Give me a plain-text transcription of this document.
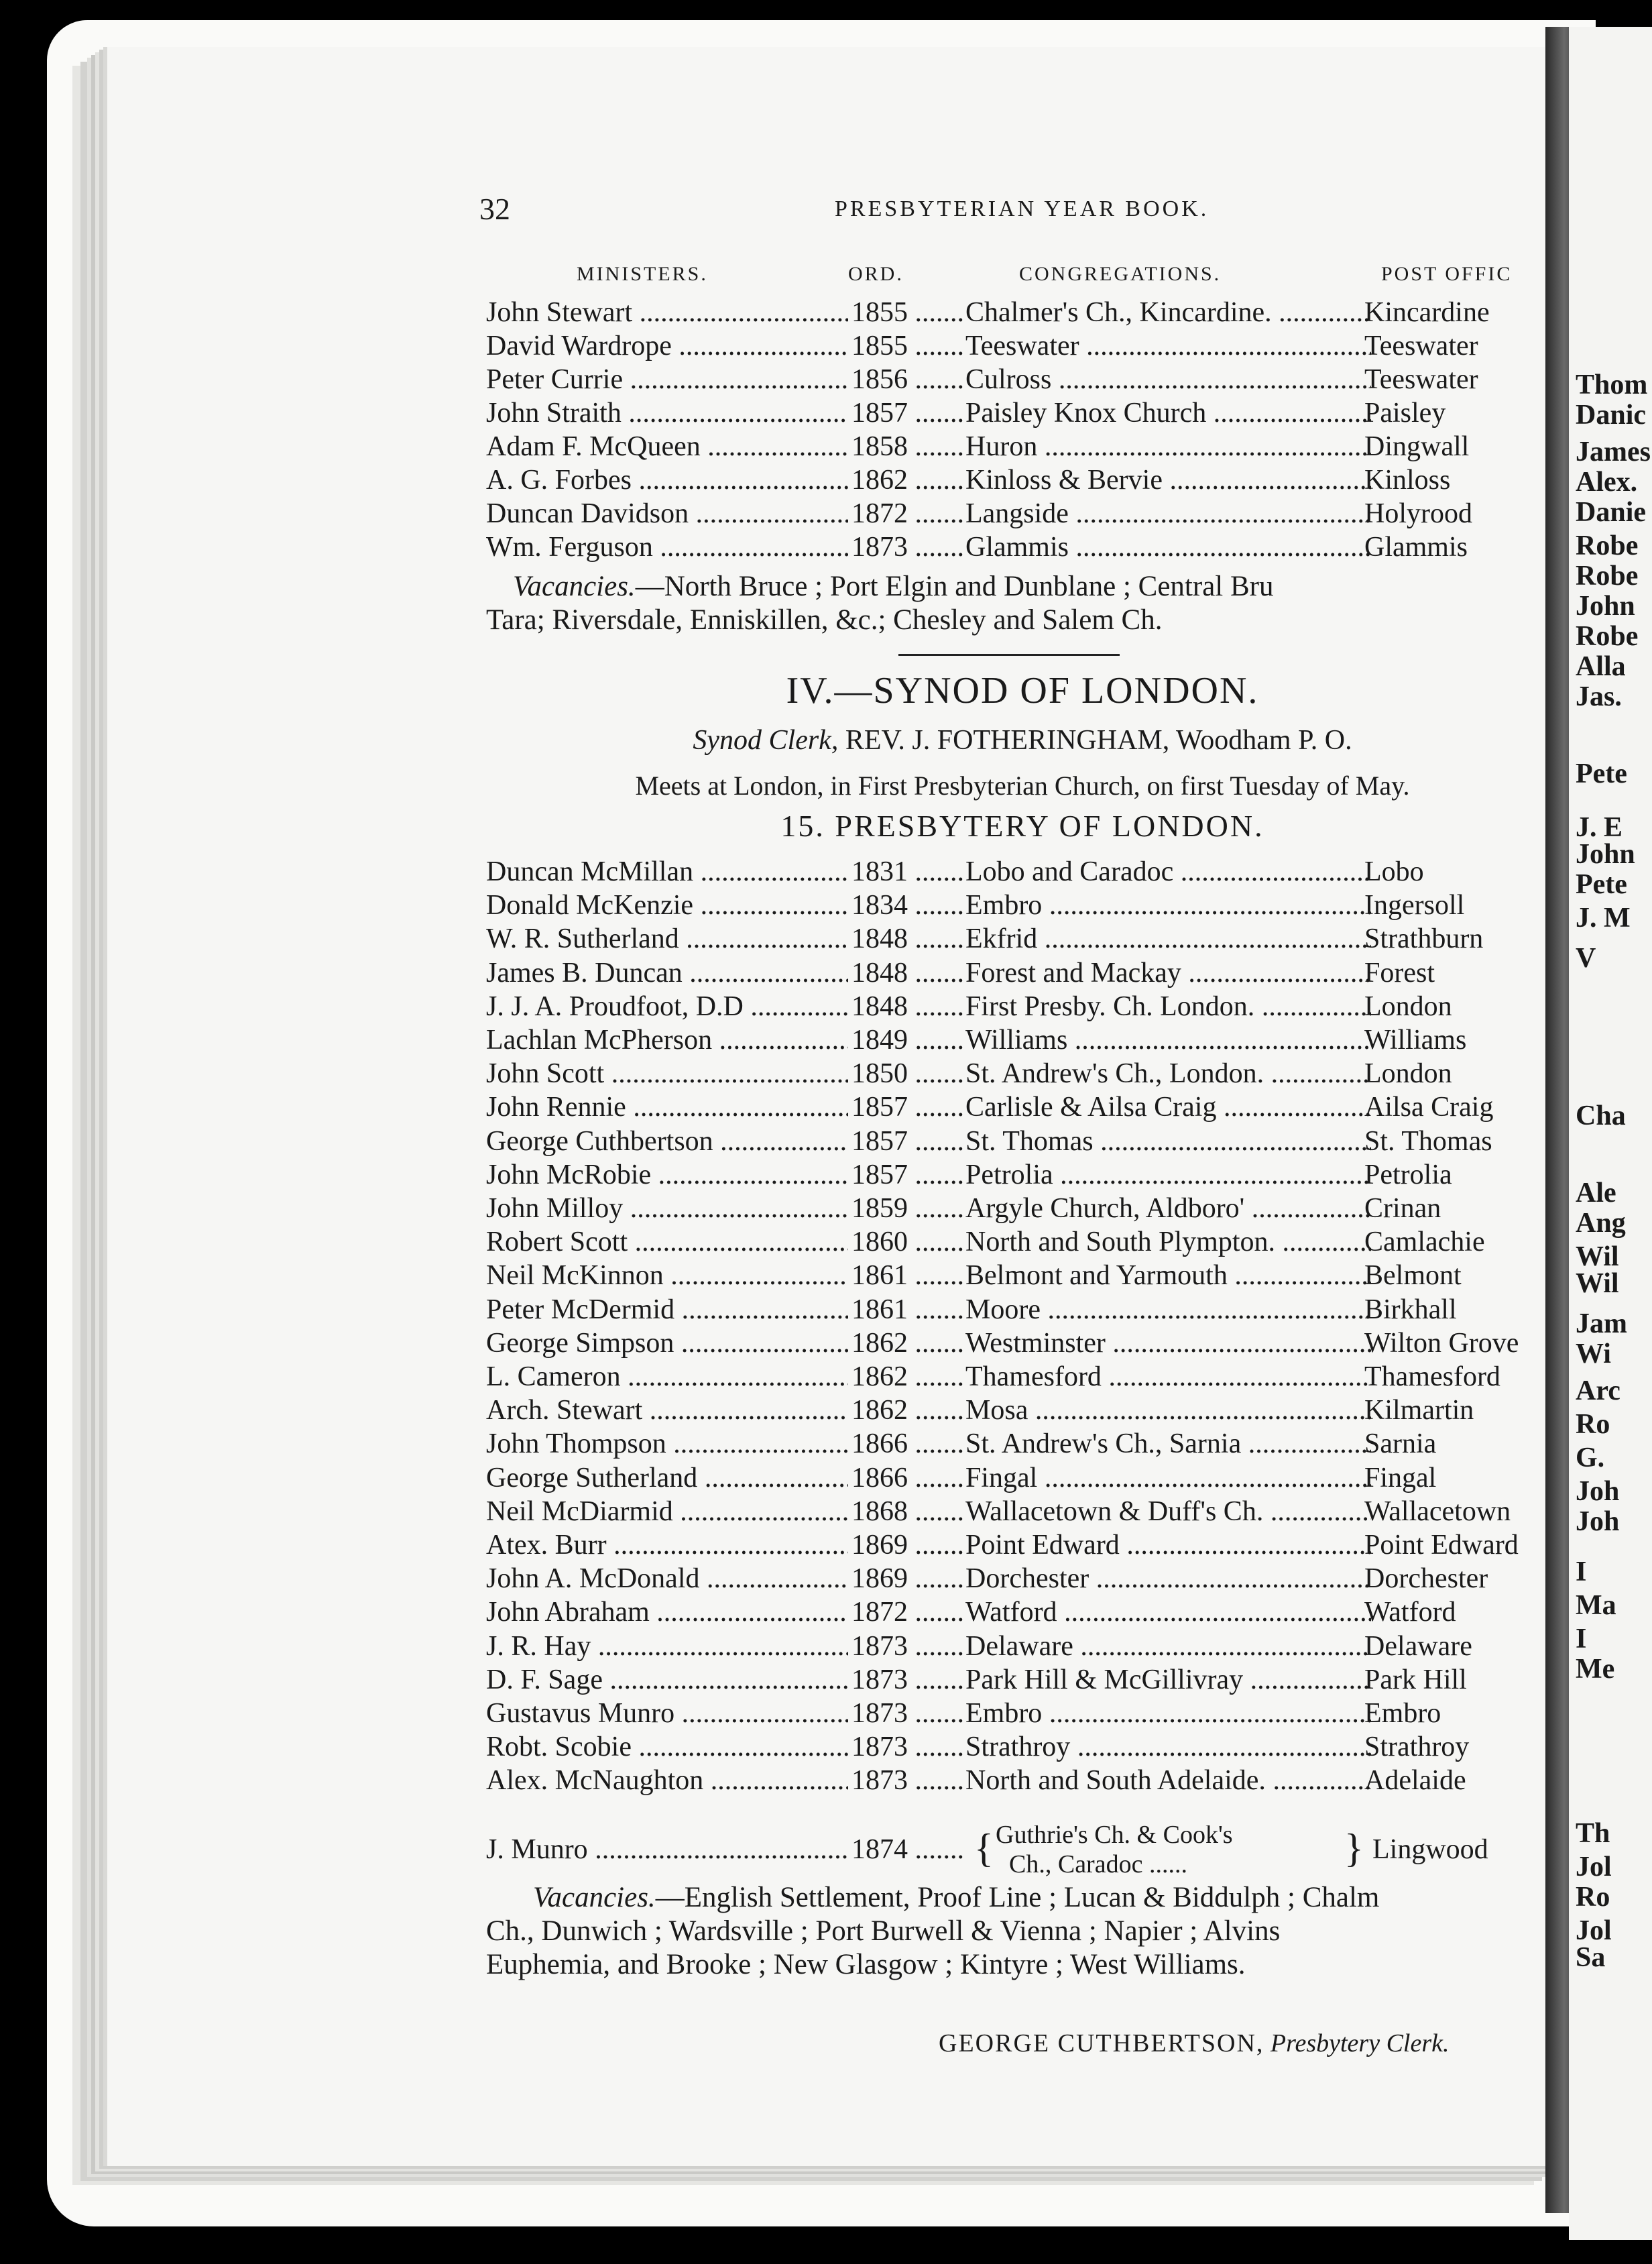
Thom
Danic
James
Alex.
Danie
Robe
Robe
John
Robe
Alla
Jas.
Pete
J. E
John
Pete
J. M
V
Cha
Ale
Ang
Wil
Wil
Jam
Wi
Arc
Ro
G.
Joh
Joh
I
Ma
I
Me
Th
Jol
Ro
Jol
Sa
32	PRESBYTERIAN YEAR BOOK.
MINISTERS.	ORD.	CONGREGATIONS.	POST OFFIC
John Stewart .....	1855 .....	Chalmer's Ch., Kincardine. .....	Kincardine
David Wardrope .....	1855 .....	Teeswater .....	Teeswater
Peter Currie .....	1856 .....	Culross .....	Teeswater
John Straith .....	1857 .....	Paisley Knox Church .....	Paisley
Adam F. McQueen .....	1858 .....	Huron .....	Dingwall
A. G. Forbes .....	1862 .....	Kinloss & Bervie .....	Kinloss
Duncan Davidson .....	1872 .....	Langside .....	Holyrood
Wm. Ferguson .....	1873 .....	Glammis .....	Glammis
Vacancies.—North Bruce ; Port Elgin and Dunblane ; Central Bru
Tara; Riversdale, Enniskillen, &c.; Chesley and Salem Ch.
IV.—SYNOD OF LONDON.
Synod Clerk, REV. J. FOTHERINGHAM, Woodham P. O.
Meets at London, in First Presbyterian Church, on first Tuesday of May.
15. PRESBYTERY OF LONDON.
Duncan McMillan .....	1831 .....	Lobo and Caradoc .....	Lobo
Donald McKenzie .....	1834 .....	Embro .....	Ingersoll
W. R. Sutherland .....	1848 .....	Ekfrid .....	Strathburn
James B. Duncan .....	1848 .....	Forest and Mackay .....	Forest
J. J. A. Proudfoot, D.D .....	1848 .....	First Presby. Ch. London. .....	London
Lachlan McPherson .....	1849 .....	Williams .....	Williams
John Scott .....	1850 .....	St. Andrew's Ch., London. .....	London
John Rennie .....	1857 .....	Carlisle & Ailsa Craig .....	Ailsa Craig
George Cuthbertson .....	1857 .....	St. Thomas .....	St. Thomas
John McRobie .....	1857 .....	Petrolia .....	Petrolia
John Milloy .....	1859 .....	Argyle Church, Aldboro' .....	Crinan
Robert Scott .....	1860 .....	North and South Plympton. .....	Camlachie
Neil McKinnon .....	1861 .....	Belmont and Yarmouth .....	Belmont
Peter McDermid .....	1861 .....	Moore .....	Birkhall
George Simpson .....	1862 .....	Westminster .....	Wilton Grove
L. Cameron .....	1862 .....	Thamesford .....	Thamesford
Arch. Stewart .....	1862 .....	Mosa .....	Kilmartin
John Thompson .....	1866 .....	St. Andrew's Ch., Sarnia .....	Sarnia
George Sutherland .....	1866 .....	Fingal .....	Fingal
Neil McDiarmid .....	1868 .....	Wallacetown & Duff's Ch. .....	Wallacetown
Atex. Burr .....	1869 .....	Point Edward .....	Point Edward
John A. McDonald .....	1869 .....	Dorchester .....	Dorchester
John Abraham .....	1872 .....	Watford .....	Watford
J. R. Hay .....	1873 .....	Delaware .....	Delaware
D. F. Sage .....	1873 .....	Park Hill & McGillivray .....	Park Hill
Gustavus Munro .....	1873 .....	Embro .....	Embro
Robt. Scobie .....	1873 .....	Strathroy .....	Strathroy
Alex. McNaughton .....	1873 .....	North and South Adelaide. .....	Adelaide
J. Munro .....	1874 .....	{ Guthrie's Ch. & Cook's
Ch., Caradoc ......	} Lingwood
Vacancies.—English Settlement, Proof Line ; Lucan & Biddulph ; Chalm
Ch., Dunwich ; Wardsville ; Port Burwell & Vienna ; Napier ; Alvins
Euphemia, and Brooke ; New Glasgow ; Kintyre ; West Williams.
GEORGE CUTHBERTSON, Presbytery Clerk.
